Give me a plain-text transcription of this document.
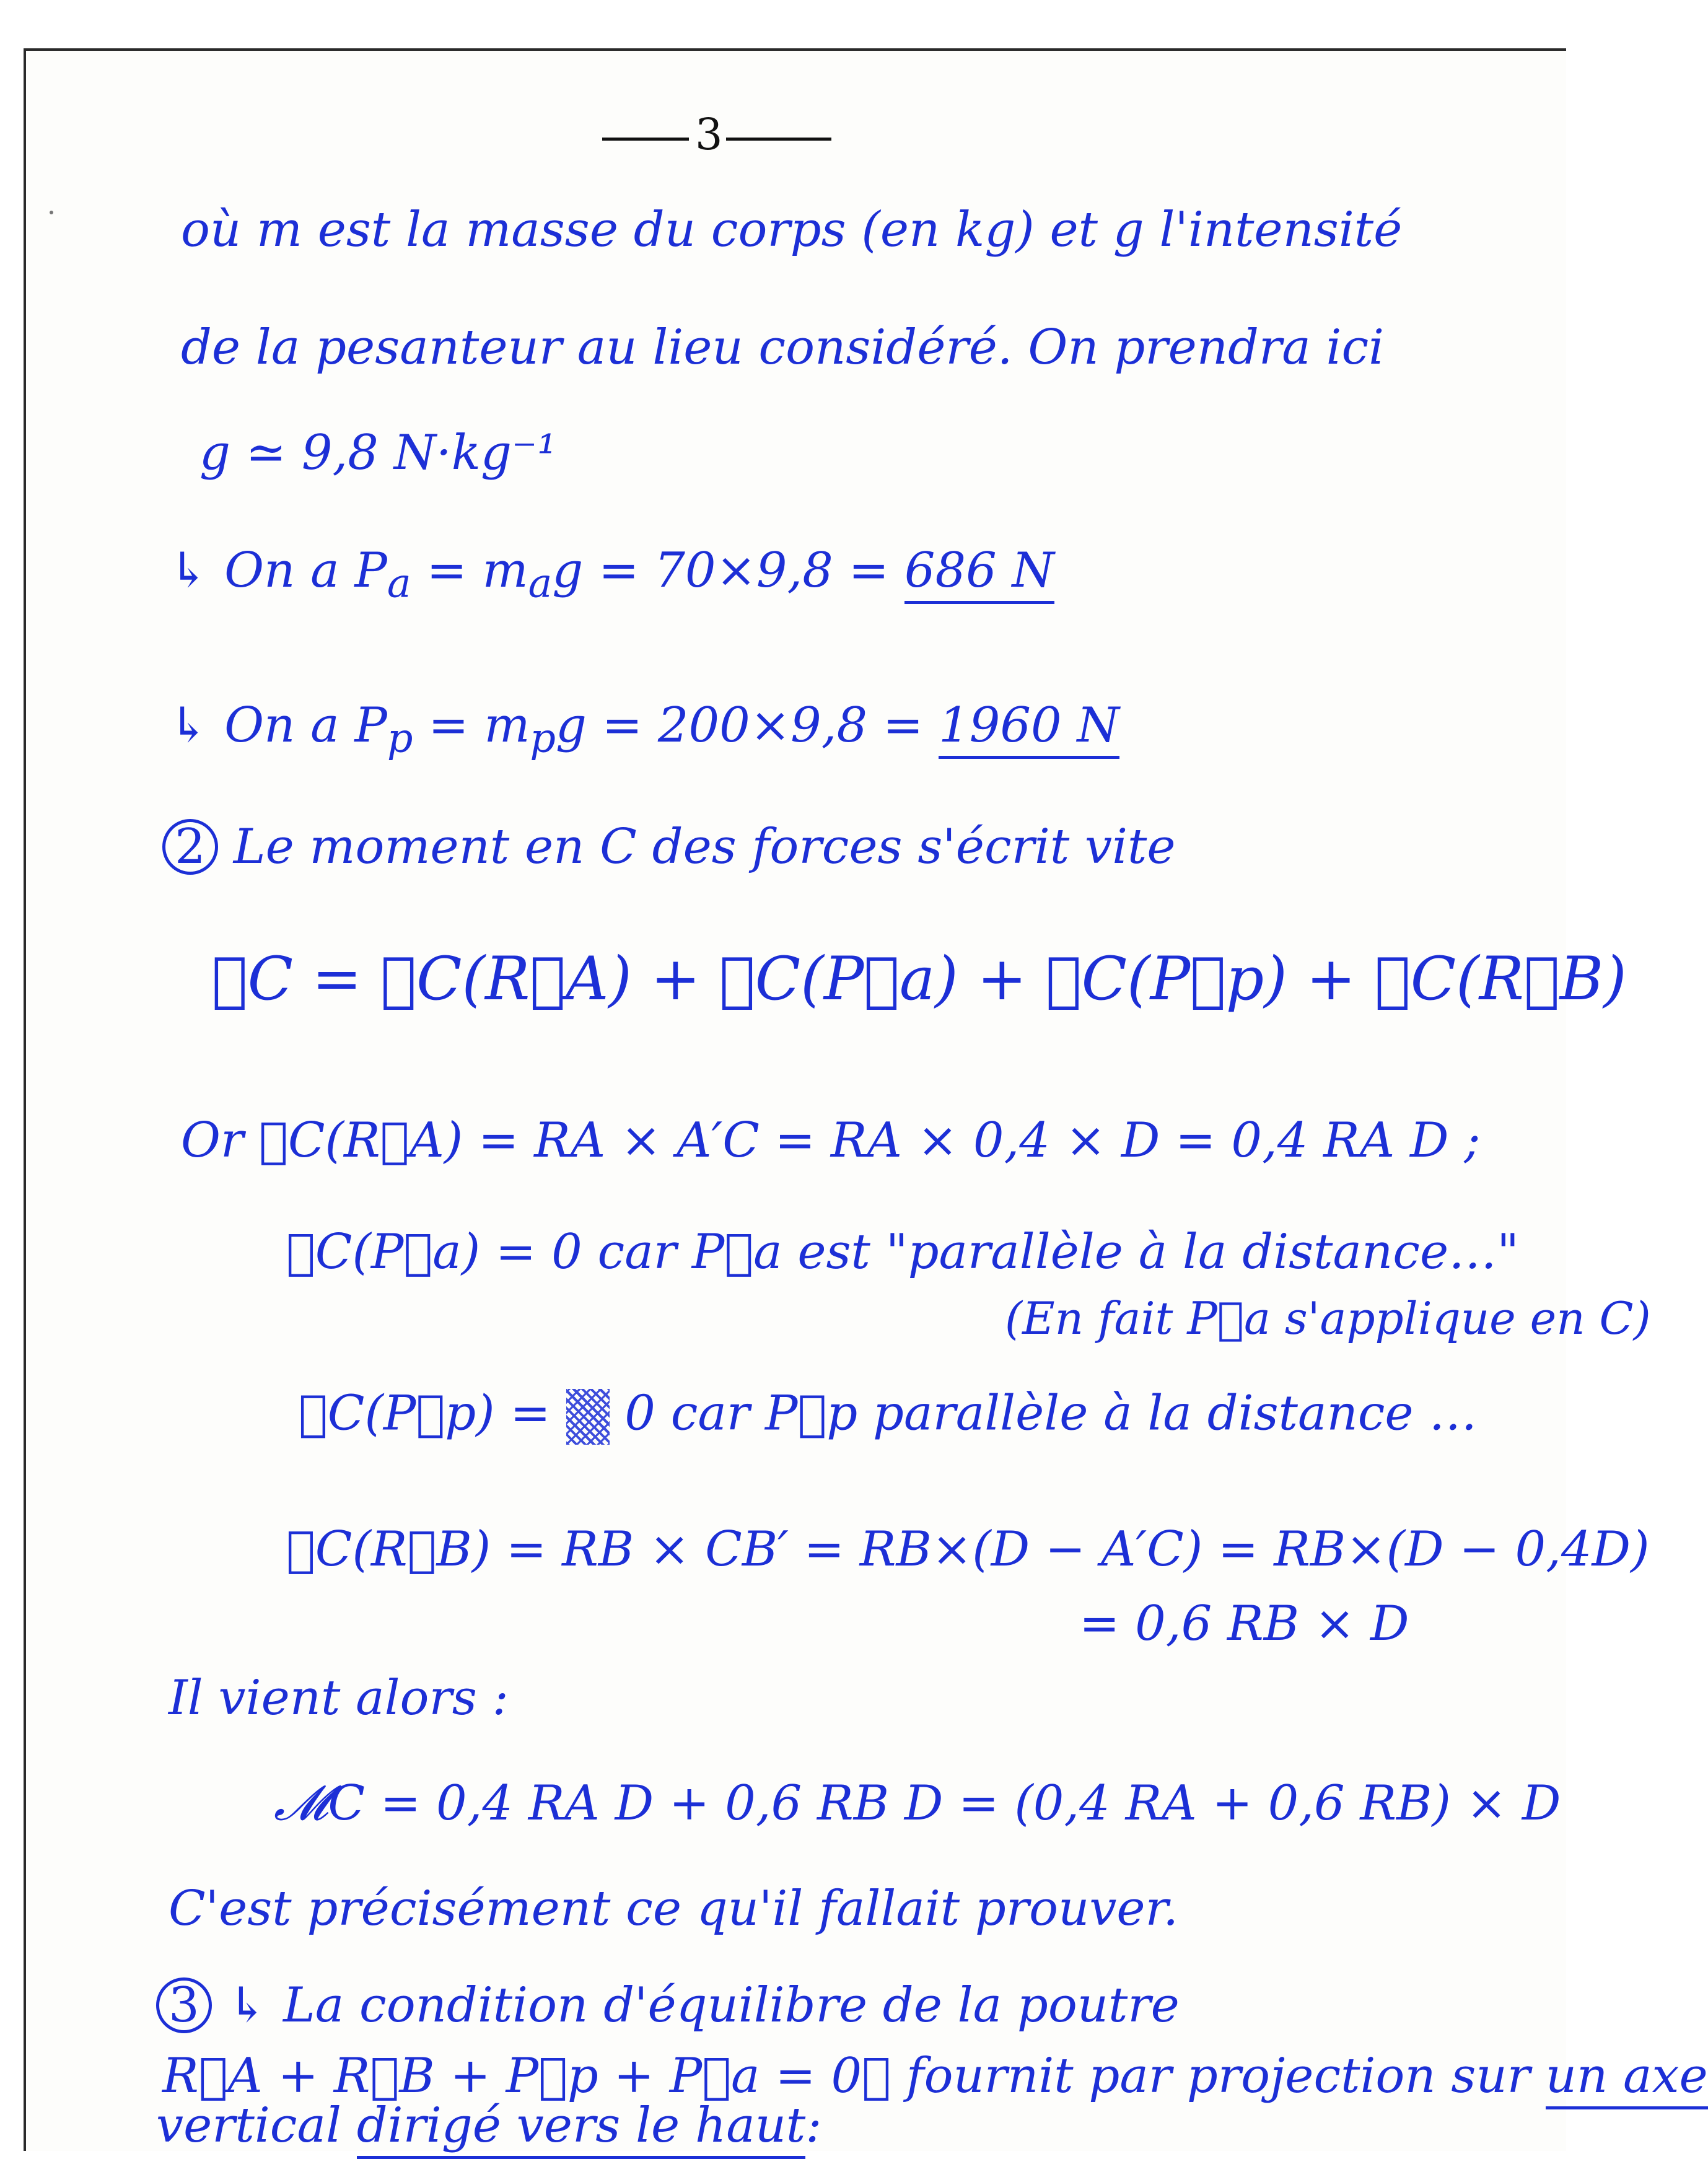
3
où m est la masse du corps (en kg) et g l'intensité
de la pesanteur au lieu considéré. On prendra ici
g ≃ 9,8 N·kg⁻¹
↳ On a $P_a = m_ag = 70\times 9,8 = 686$ N
↳ On a $P_p = m_pg = 200\times 9,8 = 1960$ N
2 Le moment en C des forces s'écrit vite
𝓜C = 𝓜C(R⃗A) + 𝓜C(P⃗a) + 𝓜C(P⃗p) + 𝓜C(R⃗B)
Or 𝓜C(R⃗A) = RA × A′C = RA × 0,4 × D = 0,4 RA D ;
𝓜C(P⃗a) = 0 car P⃗a est "parallèle à la distance…"
(En fait P⃗a s'applique en C)
𝓜C(P⃗p) =  0 car P⃗p parallèle à la distance …
𝓜C(R⃗B) = RB × CB′ = RB×(D − A′C) = RB×(D − 0,4D)
= 0,6 RB × D
Il vient alors :
𝓜C = 0,4 RA D + 0,6 RB D = (0,4 RA + 0,6 RB) × D
C'est précisément ce qu'il fallait prouver.
3 ↳ La condition d'équilibre de la poutre
R⃗A + R⃗B + P⃗p + P⃗a = 0⃗ fournit par projection sur un axe
vertical dirigé vers le haut:
